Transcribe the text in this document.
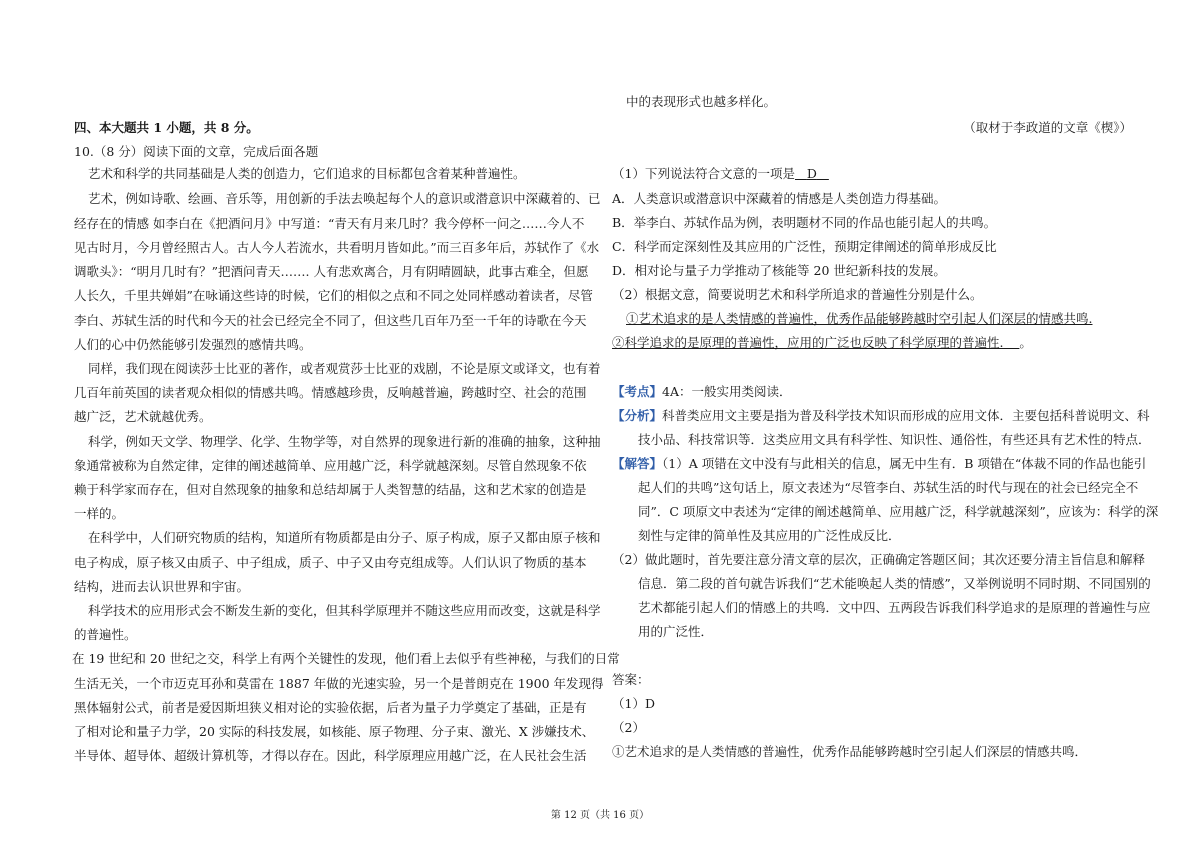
四、本大题共 1 小题，共 8 分。
10.（8 分）阅读下面的文章，完成后面各题
艺术和科学的共同基础是人类的创造力，它们追求的目标都包含着某种普遍性。
艺术，例如诗歌、绘画、音乐等，用创新的手法去唤起每个人的意识或潜意识中深藏着的、已
经存在的情感 如李白在《把酒问月》中写道：“青天有月来几时？我今停杯一问之……今人不
见古时月，今月曾经照古人。古人今人若流水，共看明月皆如此。”而三百多年后，苏轼作了《水
调歌头》：“明月几时有？”把酒问青天……. 人有悲欢离合，月有阴晴圆缺，此事古难全，但愿
人长久，千里共婵娟”在咏诵这些诗的时候，它们的相似之点和不同之处同样感动着读者，尽管
李白、苏轼生活的时代和今天的社会已经完全不同了，但这些几百年乃至一千年的诗歌在今天
人们的心中仍然能够引发强烈的感情共鸣。
同样，我们现在阅读莎士比亚的著作，或者观赏莎士比亚的戏剧，不论是原文或译文，也有着
几百年前英国的读者观众相似的情感共鸣。情感越珍贵，反响越普遍，跨越时空、社会的范围
越广泛，艺术就越优秀。
科学，例如天文学、物理学、化学、生物学等，对自然界的现象进行新的准确的抽象，这种抽
象通常被称为自然定律，定律的阐述越简单、应用越广泛，科学就越深刻。尽管自然现象不依
赖于科学家而存在，但对自然现象的抽象和总结却属于人类智慧的结晶，这和艺术家的创造是
一样的。
在科学中，人们研究物质的结构，知道所有物质都是由分子、原子构成，原子又都由原子核和
电子构成，原子核又由质子、中子组成，质子、中子又由夸克组成等。人们认识了物质的基本
结构，进而去认识世界和宇宙。
科学技术的应用形式会不断发生新的变化，但其科学原理并不随这些应用而改变，这就是科学
的普遍性。
在 19 世纪和 20 世纪之交，科学上有两个关键性的发现，他们看上去似乎有些神秘，与我们的日常
生活无关，一个市迈克耳孙和莫雷在 1887 年做的光速实验，另一个是普朗克在 1900 年发现得
黑体辐射公式，前者是爱因斯坦狭义相对论的实验依据，后者为量子力学奠定了基础，正是有
了相对论和量子力学，20 实际的科技发展，如核能、原子物理、分子束、激光、X 涉嫌技术、
半导体、超导体、超级计算机等，才得以存在。因此，科学原理应用越广泛，在人民社会生活
中的表现形式也越多样化。
（取材于李政道的文章《楔》）
（1）下列说法符合文意的一项是 D
A．人类意识或潜意识中深藏着的情感是人类创造力得基础。
B．举李白、苏轼作品为例，表明题材不同的作品也能引起人的共鸣。
C．科学而定深刻性及其应用的广泛性，预期定律阐述的简单形成反比
D．相对论与量子力学推动了核能等 20 世纪新科技的发展。
（2）根据文意，简要说明艺术和科学所追求的普遍性分别是什么。
①艺术追求的是人类情感的普遍性，优秀作品能够跨越时空引起人们深层的情感共鸣.
②科学追求的是原理的普遍性，应用的广泛也反映了科学原理的普遍性. 。
【考点】4A：一般实用类阅读．
【分析】科普类应用文主要是指为普及科学技术知识而形成的应用文体．主要包括科普说明文、科
技小品、科技常识等．这类应用文具有科学性、知识性、通俗性，有些还具有艺术性的特点．
【解答】（1）A 项错在文中没有与此相关的信息，属无中生有．B 项错在“体裁不同的作品也能引
起人们的共鸣”这句话上，原文表述为“尽管李白、苏轼生活的时代与现在的社会已经完全不
同”．C 项原文中表述为“定律的阐述越简单、应用越广泛，科学就越深刻”，应该为：科学的深
刻性与定律的简单性及其应用的广泛性成反比．
（2）做此题时，首先要注意分清文章的层次，正确确定答题区间；其次还要分清主旨信息和解释
信息．第二段的首句就告诉我们“艺术能唤起人类的情感”，又举例说明不同时期、不同国别的
艺术都能引起人们的情感上的共鸣．文中四、五两段告诉我们科学追求的是原理的普遍性与应
用的广泛性．
答案：
（1）D
（2）
①艺术追求的是人类情感的普遍性，优秀作品能够跨越时空引起人们深层的情感共鸣．
第 12 页（共 16 页）
